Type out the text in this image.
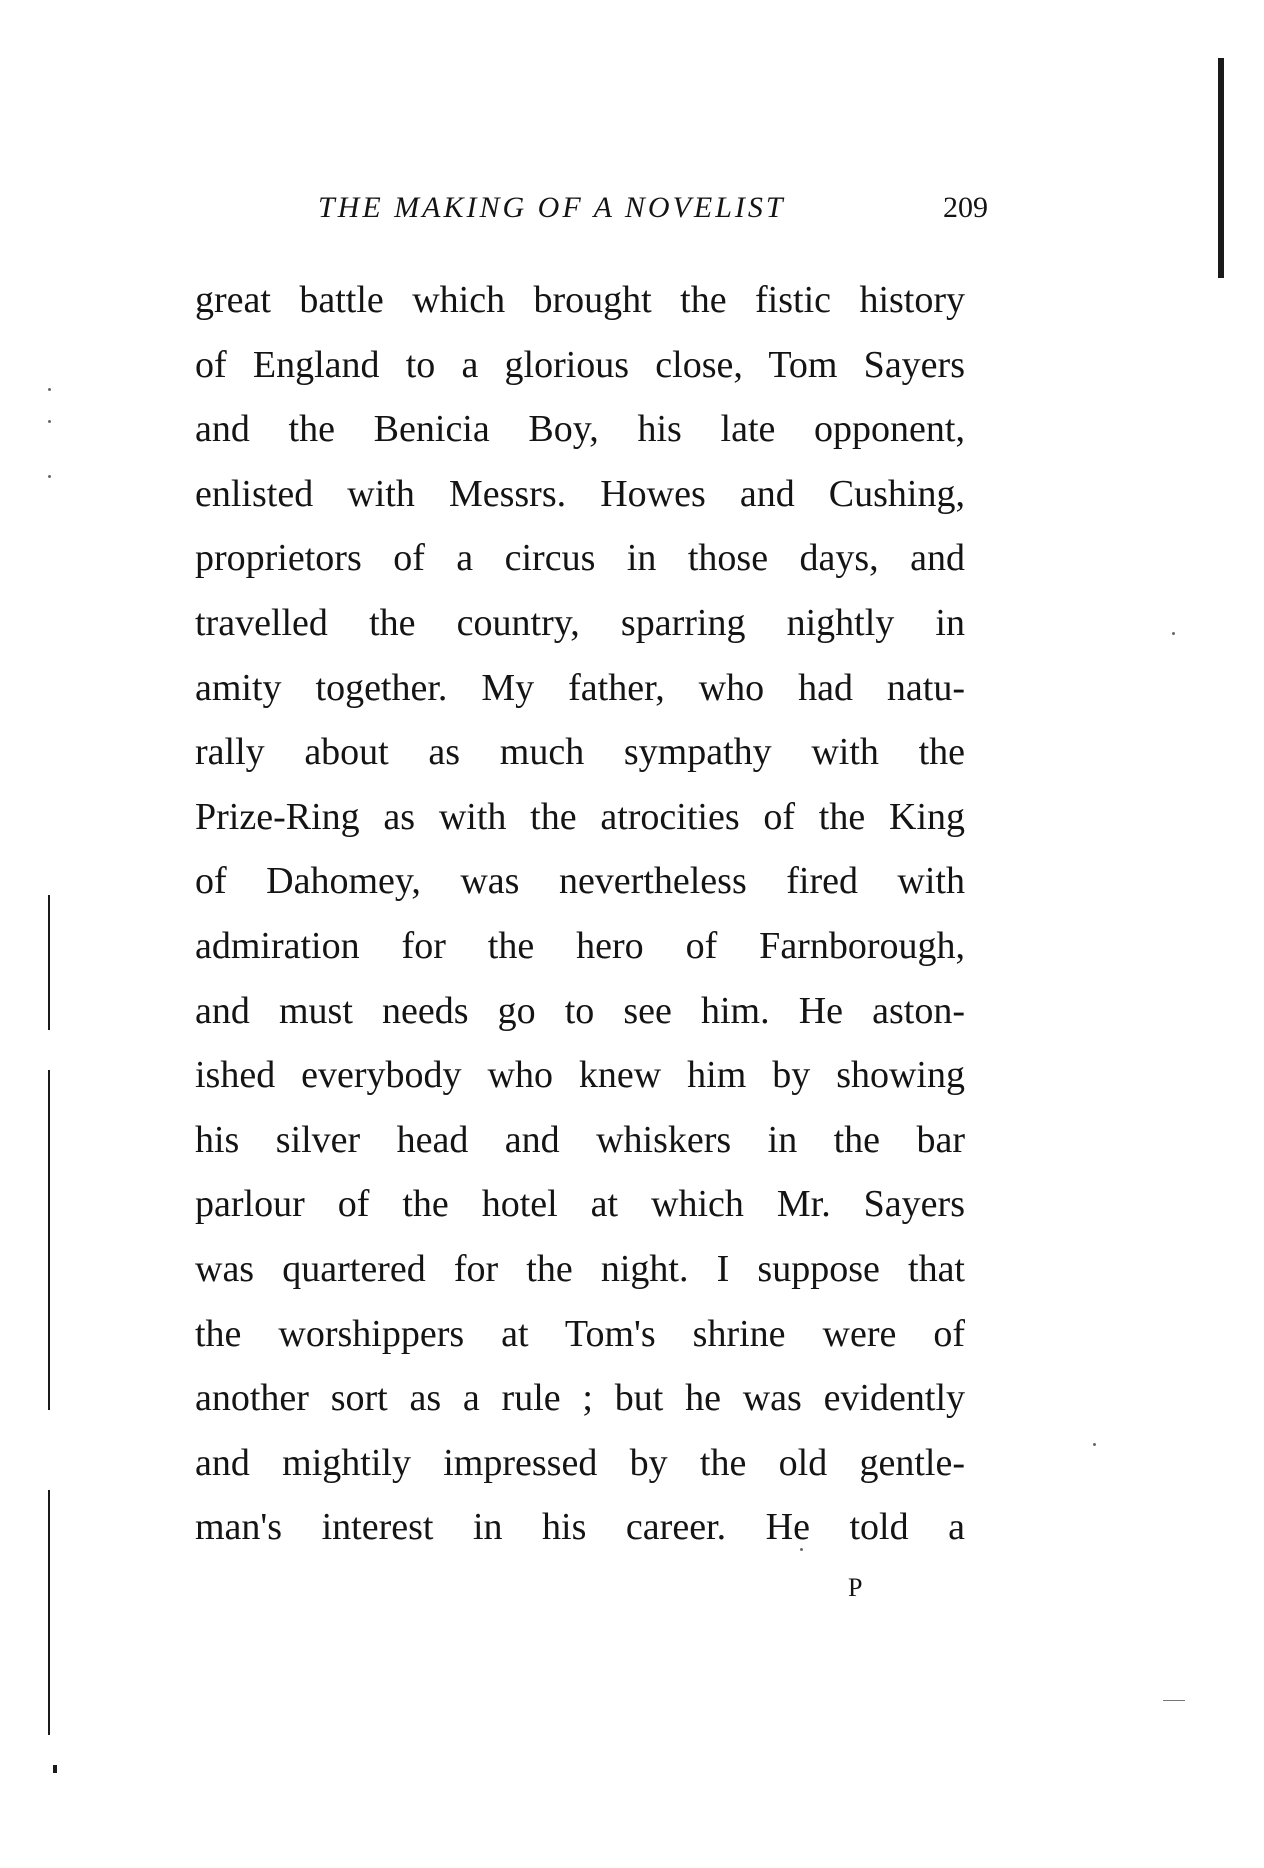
THE MAKING OF A NOVELIST	209
great battle which brought the fistic history
of England to a glorious close, Tom Sayers
and the Benicia Boy, his late opponent,
enlisted with Messrs. Howes and Cushing,
proprietors of a circus in those days, and
travelled the country, sparring nightly in
amity together. My father, who had natu-
rally about as much sympathy with the
Prize-Ring as with the atrocities of the King
of Dahomey, was nevertheless fired with
admiration for the hero of Farnborough,
and must needs go to see him. He aston-
ished everybody who knew him by showing
his silver head and whiskers in the bar
parlour of the hotel at which Mr. Sayers
was quartered for the night. I suppose that
the worshippers at Tom's shrine were of
another sort as a rule ; but he was evidently
and mightily impressed by the old gentle-
man's interest in his career. He told a
P
